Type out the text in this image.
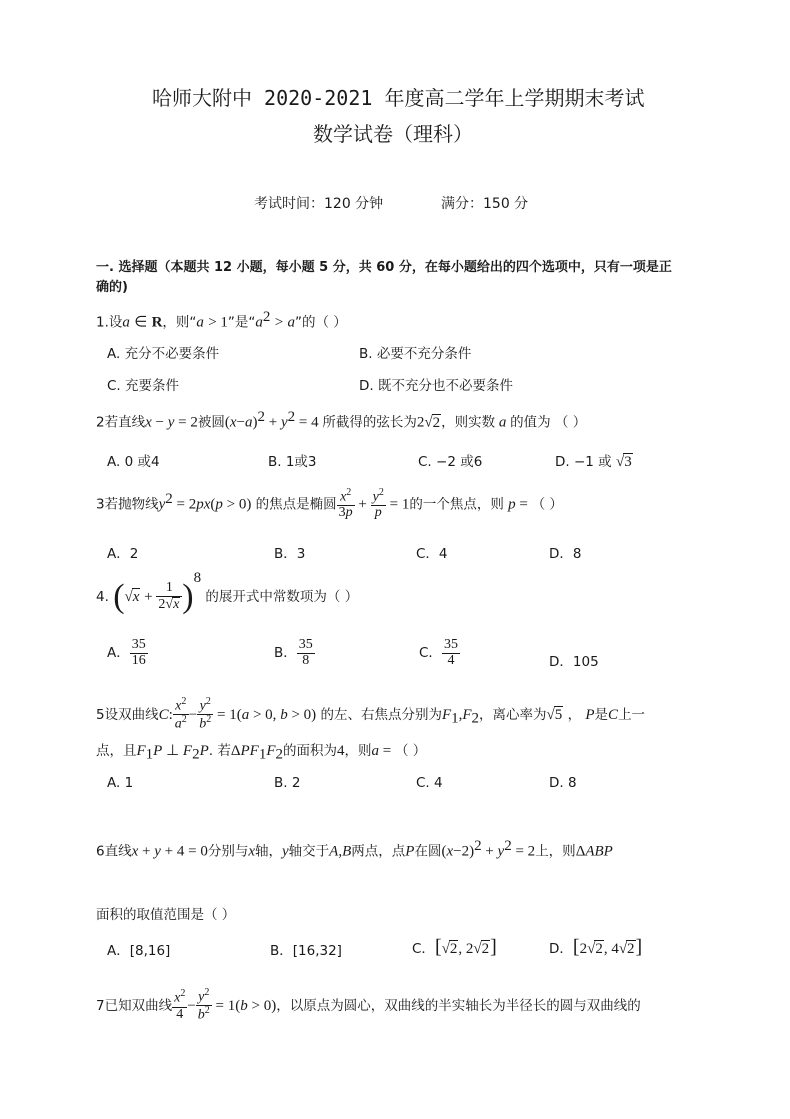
哈师大附中 2020-2021 年度高二学年上学期期末考试
数学试卷（理科）
考试时间：120 分钟	满分：150 分
一. 选择题（本题共 12 小题，每小题 5 分，共 60 分，在每小题给出的四个选项中，只有一项是正
确的)
1.设a ∈ R，则“a > 1”是“$a^2 > a$”的（ ）
A. 充分不必要条件	B. 必要不充分条件
C. 充要条件	D. 既不充分也不必要条件
2若直线x − y = 2被圆$(x-a)^2 + y^2 = 4$ 所截得的弦长为2√2，则实数 a 的值为 （ ）
A. 0 或4	B. 1或3	C. −2 或6	D. −1 或 √3
3若抛物线$y^2 = 2px(p > 0)$ 的焦点是椭圆 $\frac{x^2}{3p} + \frac{y^2}{p} = 1$的一个焦点，则 p = （ ）
A．2	B．3	C．4	D．8
4. $(√x + \frac{1}{2√x} )^8$ 的展开式中常数项为（ ）
A． $\frac{35}{16}$	B． $\frac{35}{8}$	C． $\frac{35}{4}$	D．105
5设双曲线C: $\frac{x^2}{a^2} - \frac{y^2}{b^2} = 1(a > 0$, b > 0) 的左、右焦点分别为$F_1,F_2$，离心率为√5 ， P是C上一
点，且$F_1P$ ⊥ $F_2P$. 若$\Delta PF_1F_2$的面积为4，则a = （ ）
A. 1	B. 2	C. 4	D. 8
6直线x + y + 4 = 0分别与x轴，y轴交于A,B两点，点P在圆$(x-2)^2 + y^2 = 2$上，则ΔABP
面积的取值范围是（ ）
A．[8,16]	B．[16,32]	C．[√2, 2√2]	D．[2√2, 4√2]
7已知双曲线 $\frac{x^2}{4} - \frac{y^2}{b^2} = 1(b > 0)$，以原点为圆心，双曲线的半实轴长为半径长的圆与双曲线的
